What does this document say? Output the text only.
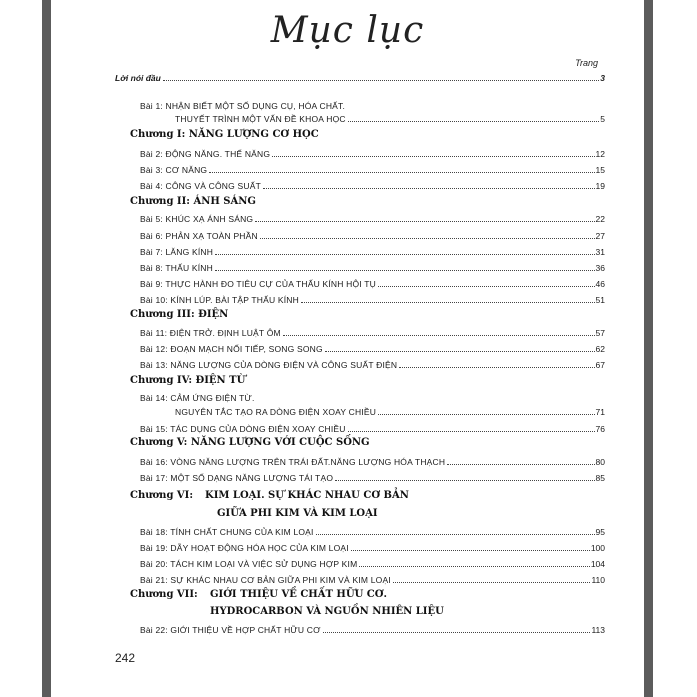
Mục lục
Trang
Lời nói đầu	3
Bài 1: NHẬN BIẾT MỘT SỐ DỤNG CỤ, HÓA CHẤT.
THUYẾT TRÌNH MỘT VẤN ĐỀ KHOA HỌC	5
Chương I: NĂNG LƯỢNG CƠ HỌC
Bài 2: ĐỘNG NĂNG. THẾ NĂNG	12
Bài 3: CƠ NĂNG	15
Bài 4: CÔNG VÀ CÔNG SUẤT	19
Chương II: ÁNH SÁNG
Bài 5: KHÚC XẠ ÁNH SÁNG	22
Bài 6: PHẢN XẠ TOÀN PHẦN	27
Bài 7: LĂNG KÍNH	31
Bài 8: THẤU KÍNH	36
Bài 9: THỰC HÀNH ĐO TIÊU CỰ CỦA THẤU KÍNH HỘI TỤ	46
Bài 10: KÍNH LÚP. BÀI TẬP THẤU KÍNH	51
Chương III: ĐIỆN
Bài 11: ĐIỆN TRỞ. ĐỊNH LUẬT ÔM	57
Bài 12: ĐOẠN MẠCH NỐI TIẾP, SONG SONG	62
Bài 13: NĂNG LƯỢNG CỦA DÒNG ĐIỆN VÀ CÔNG SUẤT ĐIỆN	67
Chương IV: ĐIỆN TỪ
Bài 14: CẢM ỨNG ĐIỆN TỪ.
NGUYÊN TẮC TẠO RA DÒNG ĐIỆN XOAY CHIỀU	71
Bài 15: TÁC DỤNG CỦA DÒNG ĐIỆN XOAY CHIỀU	76
Chương V: NĂNG LƯỢNG VỚI CUỘC SỐNG
Bài 16: VÒNG NĂNG LƯỢNG TRÊN TRÁI ĐẤT.NĂNG LƯỢNG HÓA THẠCH	80
Bài 17: MỘT SỐ DẠNG NĂNG LƯỢNG TÁI TẠO	85
Chương VI: KIM LOẠI. SỰ KHÁC NHAU CƠ BẢN
GIỮA PHI KIM VÀ KIM LOẠI
Bài 18: TÍNH CHẤT CHUNG CỦA KIM LOẠI	95
Bài 19: DÃY HOẠT ĐỘNG HÓA HỌC CỦA KIM LOẠI	100
Bài 20: TÁCH KIM LOẠI VÀ VIỆC SỬ DỤNG HỢP KIM	104
Bài 21: SỰ KHÁC NHAU CƠ BẢN GIỮA PHI KIM VÀ KIM LOẠI	110
Chương VII: GIỚI THIỆU VỀ CHẤT HỮU CƠ.
HYDROCARBON VÀ NGUỒN NHIÊN LIỆU
Bài 22: GIỚI THIỆU VỀ HỢP CHẤT HỮU CƠ	113
242
